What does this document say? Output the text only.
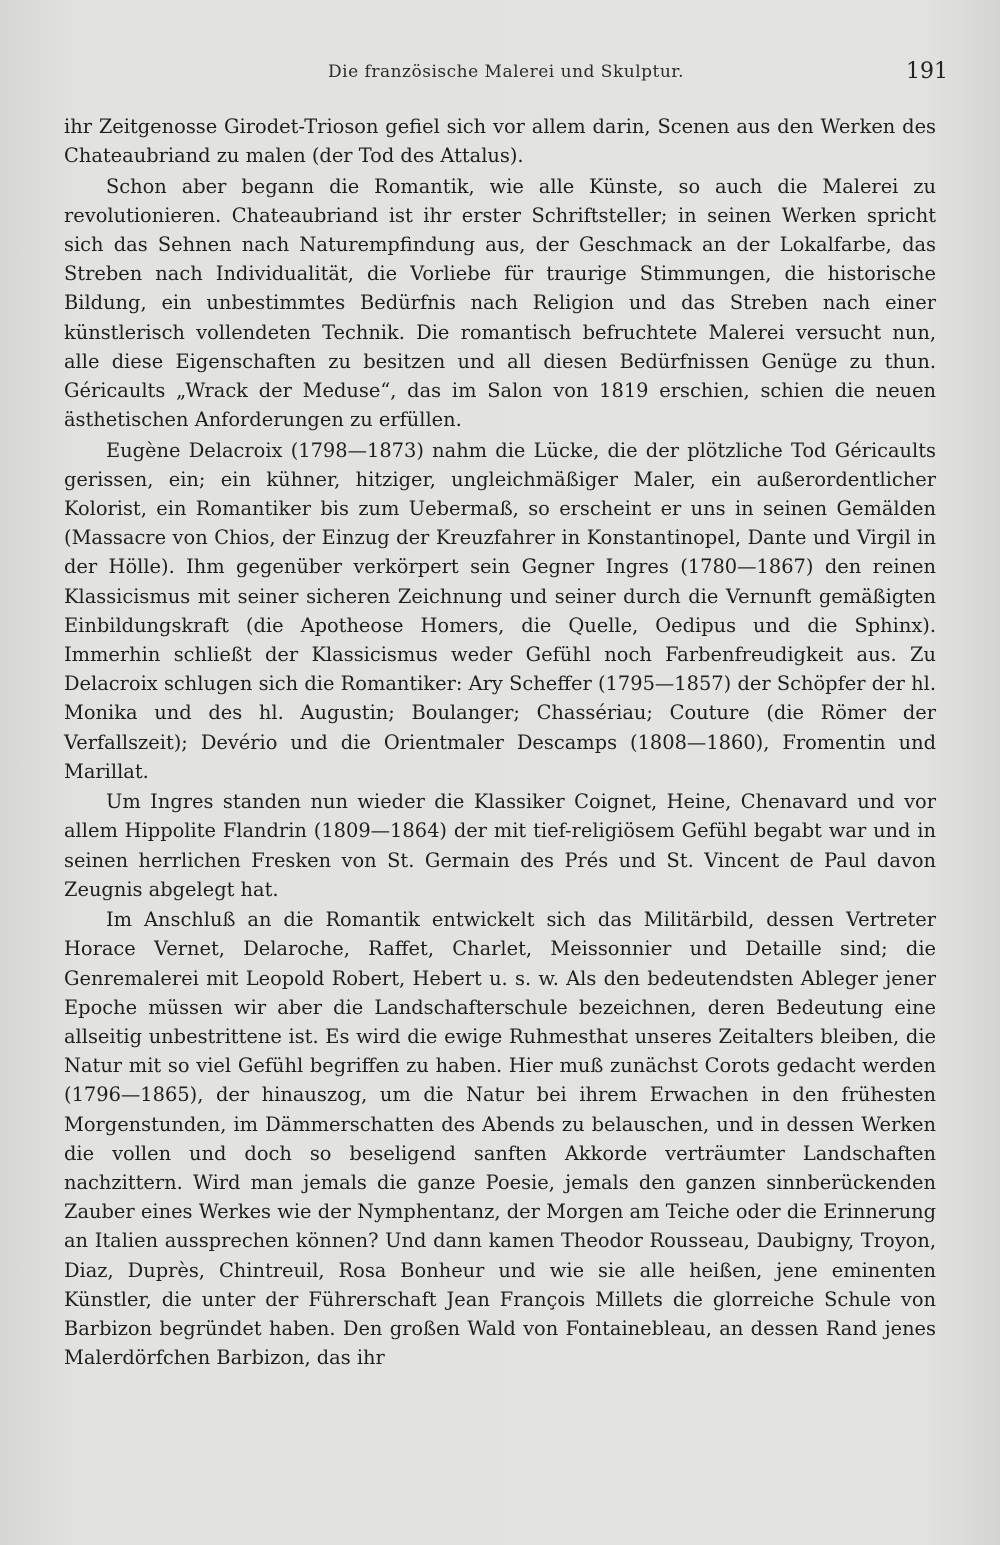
Die französische Malerei und Skulptur.	191

ihr Zeitgenosse Girodet-Trioson gefiel sich vor allem darin, Scenen aus den Werken des Chateaubriand zu malen (der Tod des Attalus).

Schon aber begann die Romantik, wie alle Künste, so auch die Malerei zu revolutionieren. Chateaubriand ist ihr erster Schriftsteller; in seinen Werken spricht sich das Sehnen nach Naturempfindung aus, der Geschmack an der Lokalfarbe, das Streben nach Individualität, die Vorliebe für traurige Stimmungen, die historische Bildung, ein unbestimmtes Bedürfnis nach Religion und das Streben nach einer künstlerisch vollendeten Technik. Die romantisch befruchtete Malerei versucht nun, alle diese Eigenschaften zu besitzen und all diesen Bedürfnissen Genüge zu thun. Géricaults „Wrack der Meduse“, das im Salon von 1819 erschien, schien die neuen ästhetischen Anforderungen zu erfüllen.

Eugène Delacroix (1798—1873) nahm die Lücke, die der plötzliche Tod Géricaults gerissen, ein; ein kühner, hitziger, ungleichmäßiger Maler, ein außerordentlicher Kolorist, ein Romantiker bis zum Uebermaß, so erscheint er uns in seinen Gemälden (Massacre von Chios, der Einzug der Kreuzfahrer in Konstantinopel, Dante und Virgil in der Hölle). Ihm gegenüber verkörpert sein Gegner Ingres (1780—1867) den reinen Klassicismus mit seiner sicheren Zeichnung und seiner durch die Vernunft gemäßigten Einbildungskraft (die Apotheose Homers, die Quelle, Oedipus und die Sphinx). Immerhin schließt der Klassicismus weder Gefühl noch Farbenfreudigkeit aus. Zu Delacroix schlugen sich die Romantiker: Ary Scheffer (1795—1857) der Schöpfer der hl. Monika und des hl. Augustin; Boulanger; Chassériau; Couture (die Römer der Verfallszeit); Devério und die Orientmaler Descamps (1808—1860), Fromentin und Marillat.

Um Ingres standen nun wieder die Klassiker Coignet, Heine, Chenavard und vor allem Hippolite Flandrin (1809—1864) der mit tief-religiösem Gefühl begabt war und in seinen herrlichen Fresken von St. Germain des Prés und St. Vincent de Paul davon Zeugnis abgelegt hat.

Im Anschluß an die Romantik entwickelt sich das Militärbild, dessen Vertreter Horace Vernet, Delaroche, Raffet, Charlet, Meissonnier und Detaille sind; die Genremalerei mit Leopold Robert, Hebert u. s. w. Als den bedeutendsten Ableger jener Epoche müssen wir aber die Landschafterschule bezeichnen, deren Bedeutung eine allseitig unbestrittene ist. Es wird die ewige Ruhmesthat unseres Zeitalters bleiben, die Natur mit so viel Gefühl begriffen zu haben. Hier muß zunächst Corots gedacht werden (1796—1865), der hinauszog, um die Natur bei ihrem Erwachen in den frühesten Morgenstunden, im Dämmerschatten des Abends zu belauschen, und in dessen Werken die vollen und doch so beseligend sanften Akkorde verträumter Landschaften nachzittern. Wird man jemals die ganze Poesie, jemals den ganzen sinnberückenden Zauber eines Werkes wie der Nymphentanz, der Morgen am Teiche oder die Erinnerung an Italien aussprechen können? Und dann kamen Theodor Rousseau, Daubigny, Troyon, Diaz, Duprès, Chintreuil, Rosa Bonheur und wie sie alle heißen, jene eminenten Künstler, die unter der Führerschaft Jean François Millets die glorreiche Schule von Barbizon begründet haben. Den großen Wald von Fontainebleau, an dessen Rand jenes Malerdörfchen Barbizon, das ihr
